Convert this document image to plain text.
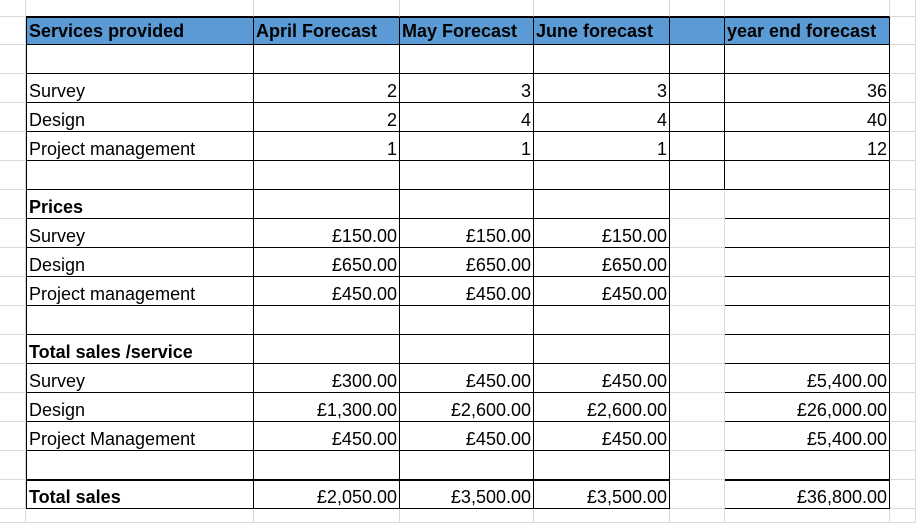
Services provided	April Forecast	May Forecast	June forecast	year end forecast
Survey	2	3	3	36
Design	2	4	4	40
Project management	1	1	1	12
Prices
Survey	£150.00	£150.00	£150.00
Design	£650.00	£650.00	£650.00
Project management	£450.00	£450.00	£450.00
Total sales /service
Survey	£300.00	£450.00	£450.00	£5,400.00
Design	£1,300.00	£2,600.00	£2,600.00	£26,000.00
Project Management	£450.00	£450.00	£450.00	£5,400.00
Total sales	£2,050.00	£3,500.00	£3,500.00	£36,800.00
